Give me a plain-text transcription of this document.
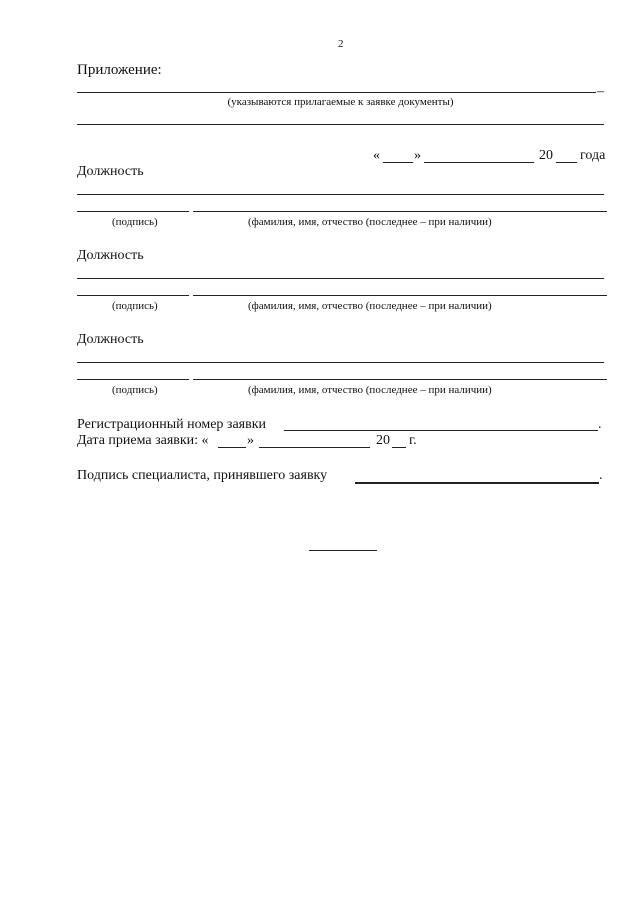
2
Приложение:
–
(указываются прилагаемые к заявке документы)
« »	20 года
Должность
(подпись)	(фамилия, имя, отчество (последнее – при наличии)
Должность
(подпись)	(фамилия, имя, отчество (последнее – при наличии)
Должность
(подпись)	(фамилия, имя, отчество (последнее – при наличии)
Регистрационный номер заявки	.
Дата приема заявки: «	»	20 г.
Подпись специалиста, принявшего заявку	.
